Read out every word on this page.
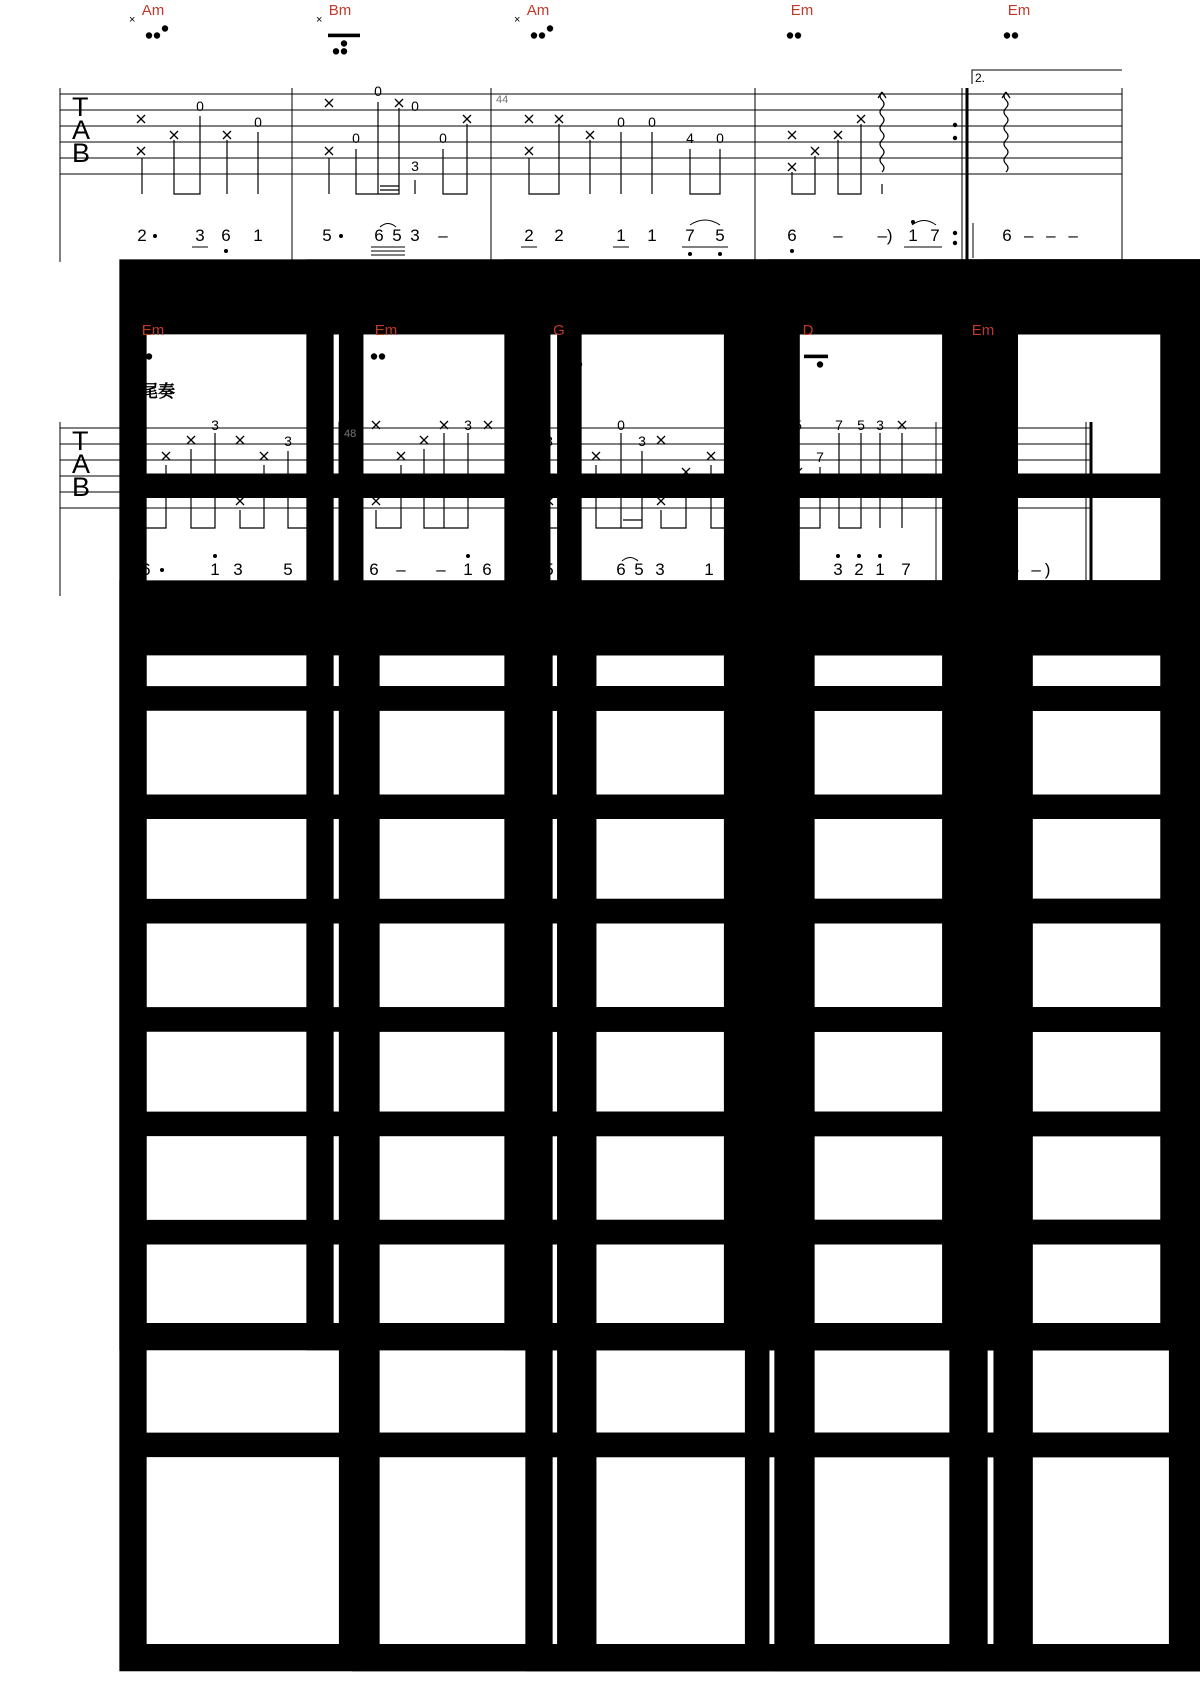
Am	Bm	Am	Em	Em
×	×	×
T
A
B
44
2.
0
0
0
0
0
3
0
0 0
4 0
2	3 6 1	5	6 5 3 –	2 2	1 1 7 5	6 – –) 1 7	6 – – –
啊	徉。
Em	Em	G	D	Em
××
尾奏
T
A
B
48
3
3
3
3	3
0	5 7 5 3
7
(6	1 3 5	6 – – 1 6	5	6 5 3 1	2 3 2 1 7	6 – – –)
